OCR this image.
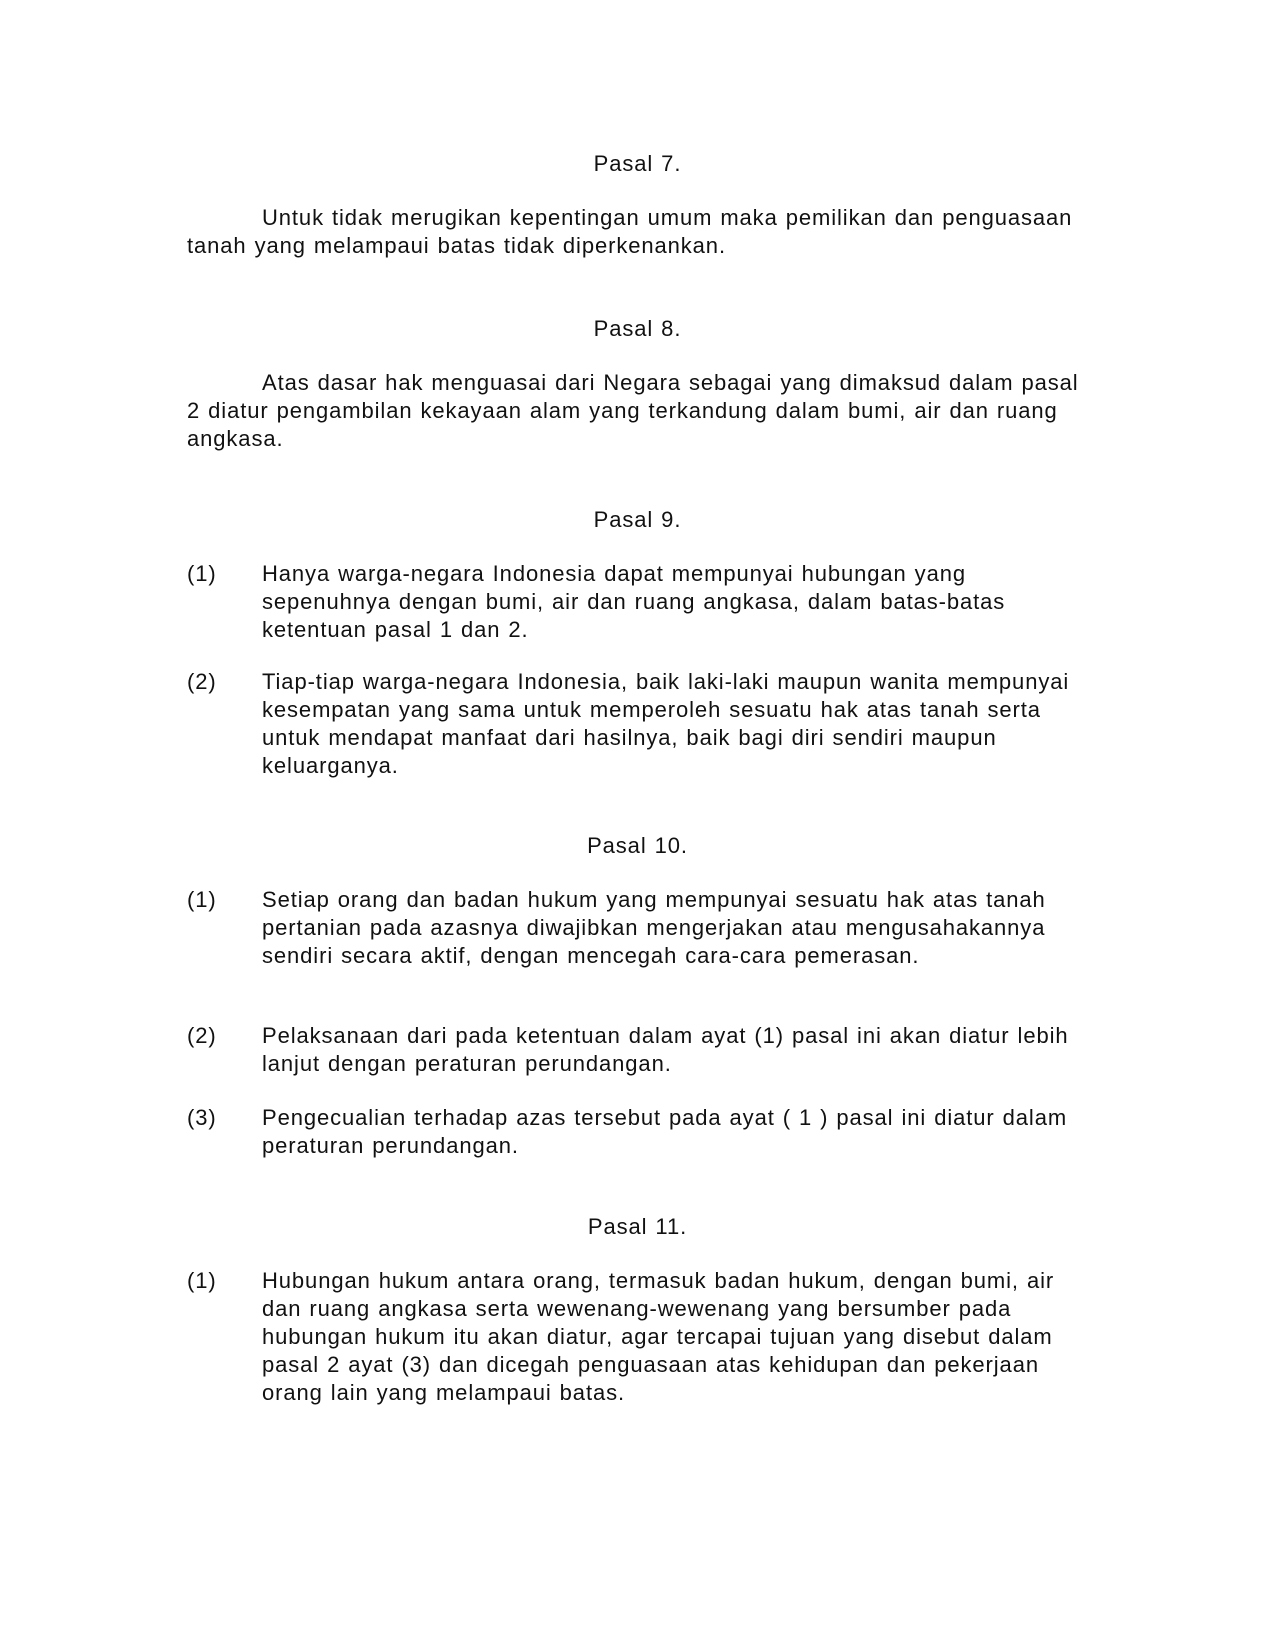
Pasal 7.
Untuk tidak merugikan kepentingan umum maka pemilikan dan penguasaan tanah yang melampaui batas tidak diperkenankan.
Pasal 8.
Atas dasar hak menguasai dari Negara sebagai yang dimaksud dalam pasal 2 diatur pengambilan kekayaan alam yang terkandung dalam bumi, air dan ruang angkasa.
Pasal 9.
(1) Hanya warga-negara Indonesia dapat mempunyai hubungan yang sepenuhnya dengan bumi, air dan ruang angkasa, dalam batas-batas ketentuan pasal 1 dan 2.
(2) Tiap-tiap warga-negara Indonesia, baik laki-laki maupun wanita mempunyai kesempatan yang sama untuk memperoleh sesuatu hak atas tanah serta untuk mendapat manfaat dari hasilnya, baik bagi diri sendiri maupun keluarganya.
Pasal 10.
(1) Setiap orang dan badan hukum yang mempunyai sesuatu hak atas tanah pertanian pada azasnya diwajibkan mengerjakan atau mengusahakannya sendiri secara aktif, dengan mencegah cara-cara pemerasan.
(2) Pelaksanaan dari pada ketentuan dalam ayat (1) pasal ini akan diatur lebih lanjut dengan peraturan perundangan.
(3) Pengecualian terhadap azas tersebut pada ayat ( 1 ) pasal ini diatur dalam peraturan perundangan.
Pasal 11.
(1) Hubungan hukum antara orang, termasuk badan hukum, dengan bumi, air dan ruang angkasa serta wewenang-wewenang yang bersumber pada hubungan hukum itu akan diatur, agar tercapai tujuan yang disebut dalam pasal 2 ayat (3) dan dicegah penguasaan atas kehidupan dan pekerjaan orang lain yang melampaui batas.
